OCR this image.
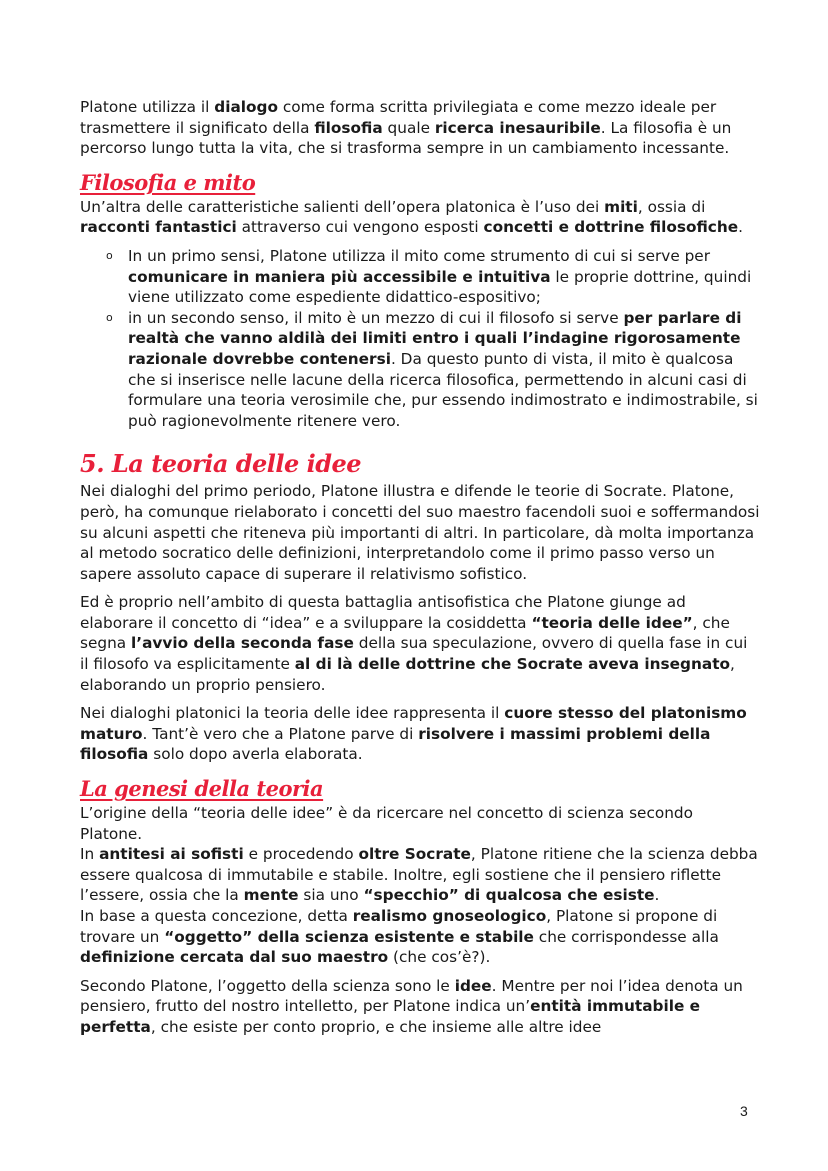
Platone utilizza il dialogo come forma scritta privilegiata e come mezzo ideale per trasmettere il significato della filosofia quale ricerca inesauribile. La filosofia è un percorso lungo tutta la vita, che si trasforma sempre in un cambiamento incessante.

Filosofia e mito

Un’altra delle caratteristiche salienti dell’opera platonica è l’uso dei miti, ossia di racconti fantastici attraverso cui vengono esposti concetti e dottrine filosofiche.

o In un primo sensi, Platone utilizza il mito come strumento di cui si serve per comunicare in maniera più accessibile e intuitiva le proprie dottrine, quindi viene utilizzato come espediente didattico-espositivo;
o in un secondo senso, il mito è un mezzo di cui il filosofo si serve per parlare di realtà che vanno aldilà dei limiti entro i quali l’indagine rigorosamente razionale dovrebbe contenersi. Da questo punto di vista, il mito è qualcosa che si inserisce nelle lacune della ricerca filosofica, permettendo in alcuni casi di formulare una teoria verosimile che, pur essendo indimostrato e indimostrabile, si può ragionevolmente ritenere vero.
5. La teoria delle idee

Nei dialoghi del primo periodo, Platone illustra e difende le teorie di Socrate. Platone, però, ha comunque rielaborato i concetti del suo maestro facendoli suoi e soffermandosi su alcuni aspetti che riteneva più importanti di altri. In particolare, dà molta importanza al metodo socratico delle definizioni, interpretandolo come il primo passo verso un sapere assoluto capace di superare il relativismo sofistico.

Ed è proprio nell’ambito di questa battaglia antisofistica che Platone giunge ad elaborare il concetto di “idea” e a sviluppare la cosiddetta “teoria delle idee”, che segna l’avvio della seconda fase della sua speculazione, ovvero di quella fase in cui il filosofo va esplicitamente al di là delle dottrine che Socrate aveva insegnato, elaborando un proprio pensiero.

Nei dialoghi platonici la teoria delle idee rappresenta il cuore stesso del platonismo maturo. Tant’è vero che a Platone parve di risolvere i massimi problemi della filosofia solo dopo averla elaborata.

La genesi della teoria

L’origine della “teoria delle idee” è da ricercare nel concetto di scienza secondo Platone.

In antitesi ai sofisti e procedendo oltre Socrate, Platone ritiene che la scienza debba essere qualcosa di immutabile e stabile. Inoltre, egli sostiene che il pensiero riflette l’essere, ossia che la mente sia uno “specchio” di qualcosa che esiste.

In base a questa concezione, detta realismo gnoseologico, Platone si propone di trovare un “oggetto” della scienza esistente e stabile che corrispondesse alla definizione cercata dal suo maestro (che cos’è?).

Secondo Platone, l’oggetto della scienza sono le idee. Mentre per noi l’idea denota un pensiero, frutto del nostro intelletto, per Platone indica un’entità immutabile e perfetta, che esiste per conto proprio, e che insieme alle altre idee

3
